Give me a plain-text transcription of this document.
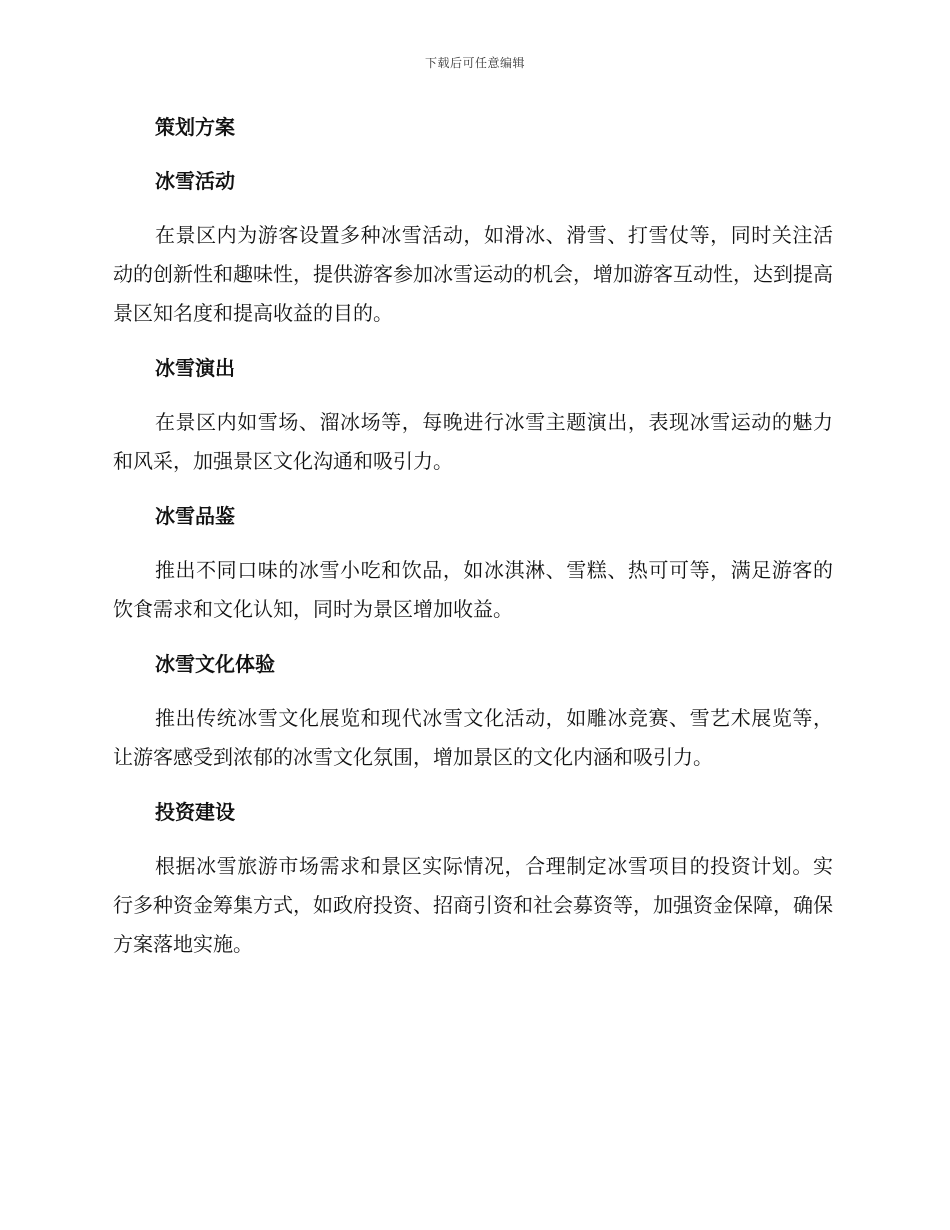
下载后可任意编辑
策划方案
冰雪活动

在景区内为游客设置多种冰雪活动，如滑冰、滑雪、打雪仗等，同时关注活动的创新性和趣味性，提供游客参加冰雪运动的机会，增加游客互动性，达到提高景区知名度和提高收益的目的。

冰雪演出

在景区内如雪场、溜冰场等，每晚进行冰雪主题演出，表现冰雪运动的魅力和风采，加强景区文化沟通和吸引力。

冰雪品鉴

推出不同口味的冰雪小吃和饮品，如冰淇淋、雪糕、热可可等，满足游客的饮食需求和文化认知，同时为景区增加收益。

冰雪文化体验

推出传统冰雪文化展览和现代冰雪文化活动，如雕冰竞赛、雪艺术展览等，让游客感受到浓郁的冰雪文化氛围，增加景区的文化内涵和吸引力。

投资建设

根据冰雪旅游市场需求和景区实际情况，合理制定冰雪项目的投资计划。实行多种资金筹集方式，如政府投资、招商引资和社会募资等，加强资金保障，确保方案落地实施。
